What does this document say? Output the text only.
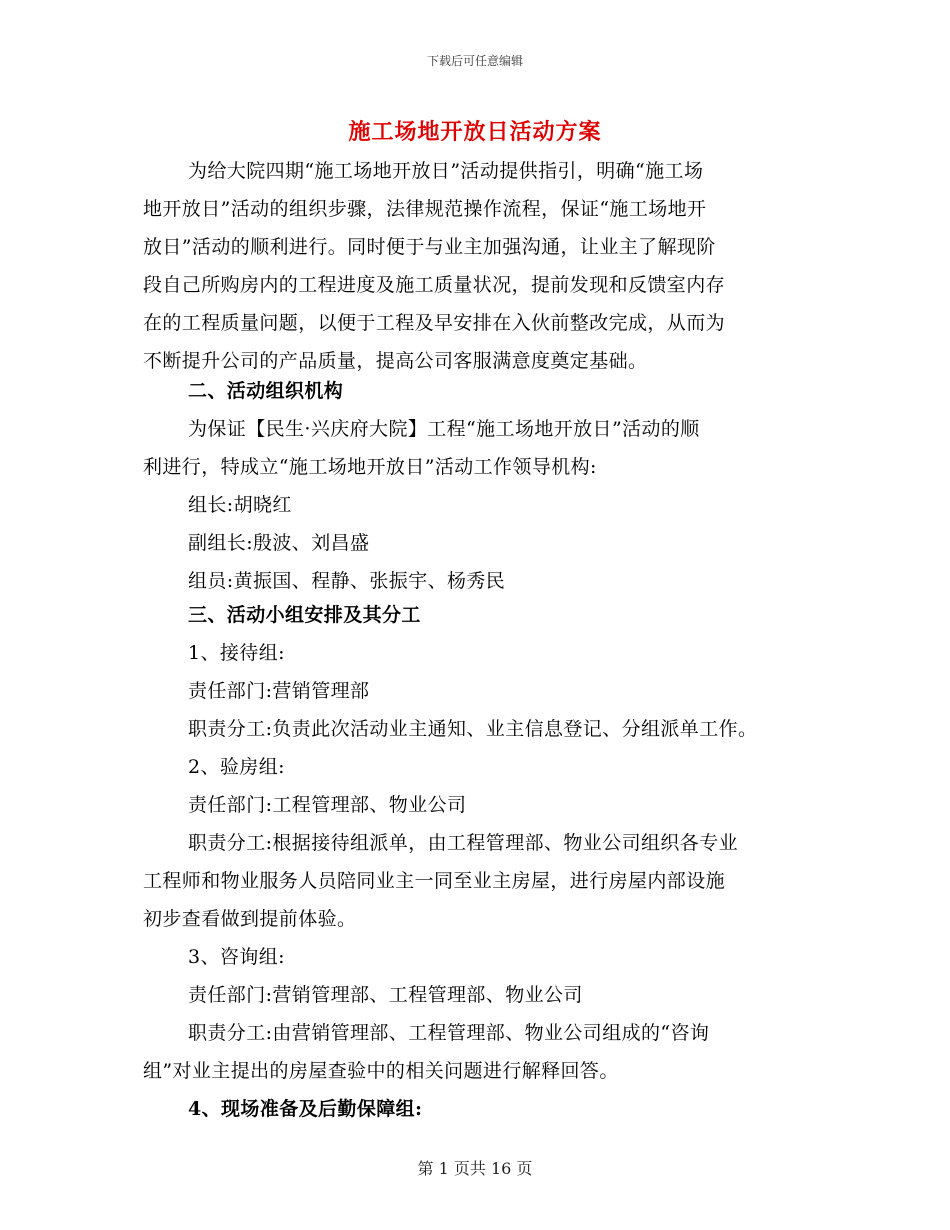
下载后可任意编辑
施工场地开放日活动方案
为给大院四期“施工场地开放日”活动提供指引，明确“施工场
地开放日”活动的组织步骤，法律规范操作流程，保证“施工场地开
放日”活动的顺利进行。同时便于与业主加强沟通，让业主了解现阶
段自己所购房内的工程进度及施工质量状况，提前发现和反馈室内存
在的工程质量问题，以便于工程及早安排在入伙前整改完成，从而为
不断提升公司的产品质量，提高公司客服满意度奠定基础。
二、活动组织机构
为保证【民生·兴庆府大院】工程“施工场地开放日”活动的顺
利进行，特成立“施工场地开放日”活动工作领导机构:
组长:胡晓红
副组长:殷波、刘昌盛
组员:黄振国、程静、张振宇、杨秀民
三、活动小组安排及其分工
1、接待组:
责任部门:营销管理部
职责分工:负责此次活动业主通知、业主信息登记、分组派单工作。
2、验房组:
责任部门:工程管理部、物业公司
职责分工:根据接待组派单，由工程管理部、物业公司组织各专业
工程师和物业服务人员陪同业主一同至业主房屋，进行房屋内部设施
初步查看做到提前体验。
3、咨询组:
责任部门:营销管理部、工程管理部、物业公司
职责分工:由营销管理部、工程管理部、物业公司组成的“咨询
组”对业主提出的房屋查验中的相关问题进行解释回答。
4、现场准备及后勤保障组:
第 1 页共 16 页
